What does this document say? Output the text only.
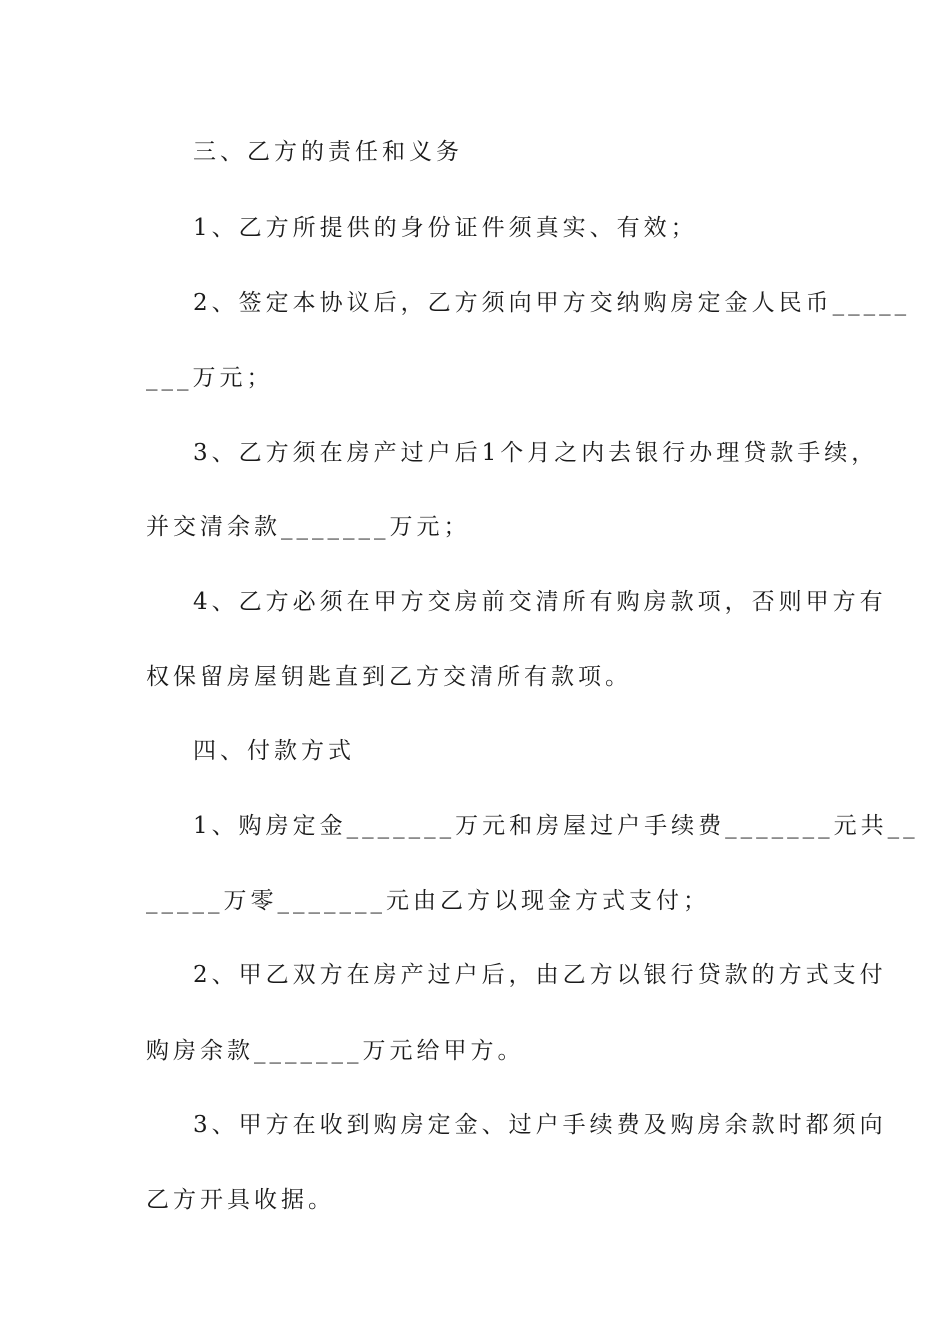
三、乙方的责任和义务
1、乙方所提供的身份证件须真实、有效；
2、签定本协议后，乙方须向甲方交纳购房定金人民币_____
___万元；
3、乙方须在房产过户后1个月之内去银行办理贷款手续，
并交清余款_______万元；
4、乙方必须在甲方交房前交清所有购房款项，否则甲方有
权保留房屋钥匙直到乙方交清所有款项。
四、付款方式
1、购房定金_______万元和房屋过户手续费_______元共__
_____万零_______元由乙方以现金方式支付；
2、甲乙双方在房产过户后，由乙方以银行贷款的方式支付
购房余款_______万元给甲方。
3、甲方在收到购房定金、过户手续费及购房余款时都须向
乙方开具收据。
